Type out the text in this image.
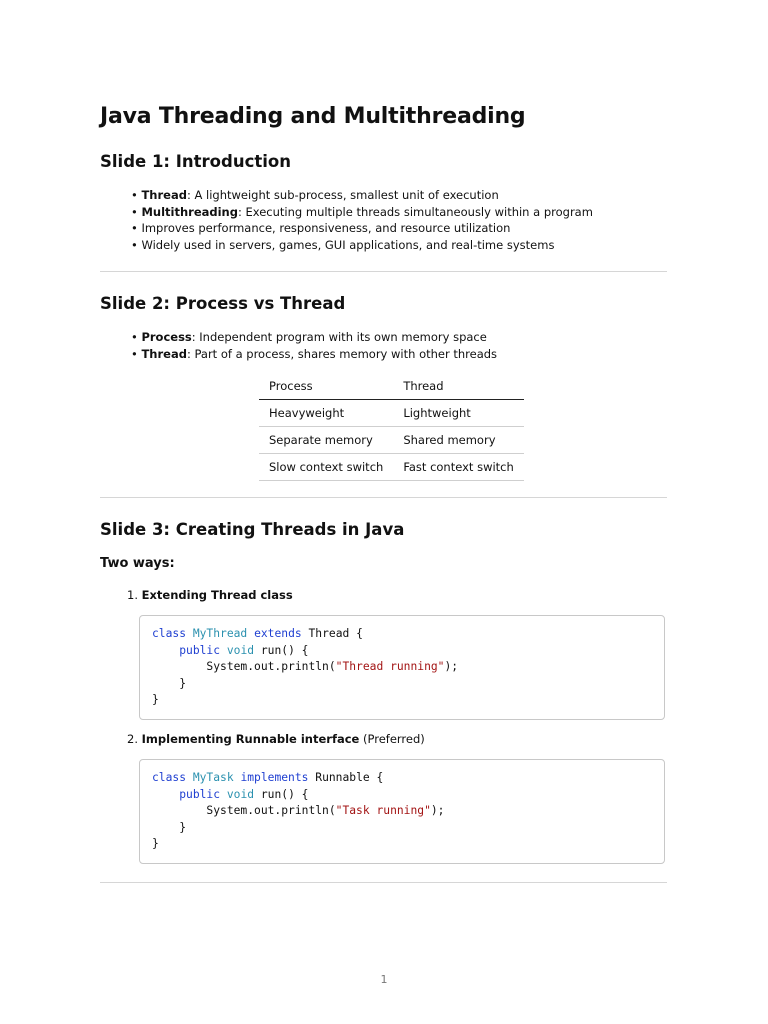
Java Threading and Multithreading
Slide 1: Introduction
• Thread: A lightweight sub-process, smallest unit of execution
• Multithreading: Executing multiple threads simultaneously within a program
• Improves performance, responsiveness, and resource utilization
• Widely used in servers, games, GUI applications, and real-time systems
Slide 2: Process vs Thread
• Process: Independent program with its own memory space
• Thread: Part of a process, shares memory with other threads
Process	Thread
Heavyweight	Lightweight
Separate memory	Shared memory
Slow context switch	Fast context switch
Slide 3: Creating Threads in Java
Two ways:
1. Extending Thread class
class MyThread extends Thread {
public void run() {
System.out.println("Thread running");
}
}
2. Implementing Runnable interface (Preferred)
class MyTask implements Runnable {
public void run() {
System.out.println("Task running");
}
}
1
